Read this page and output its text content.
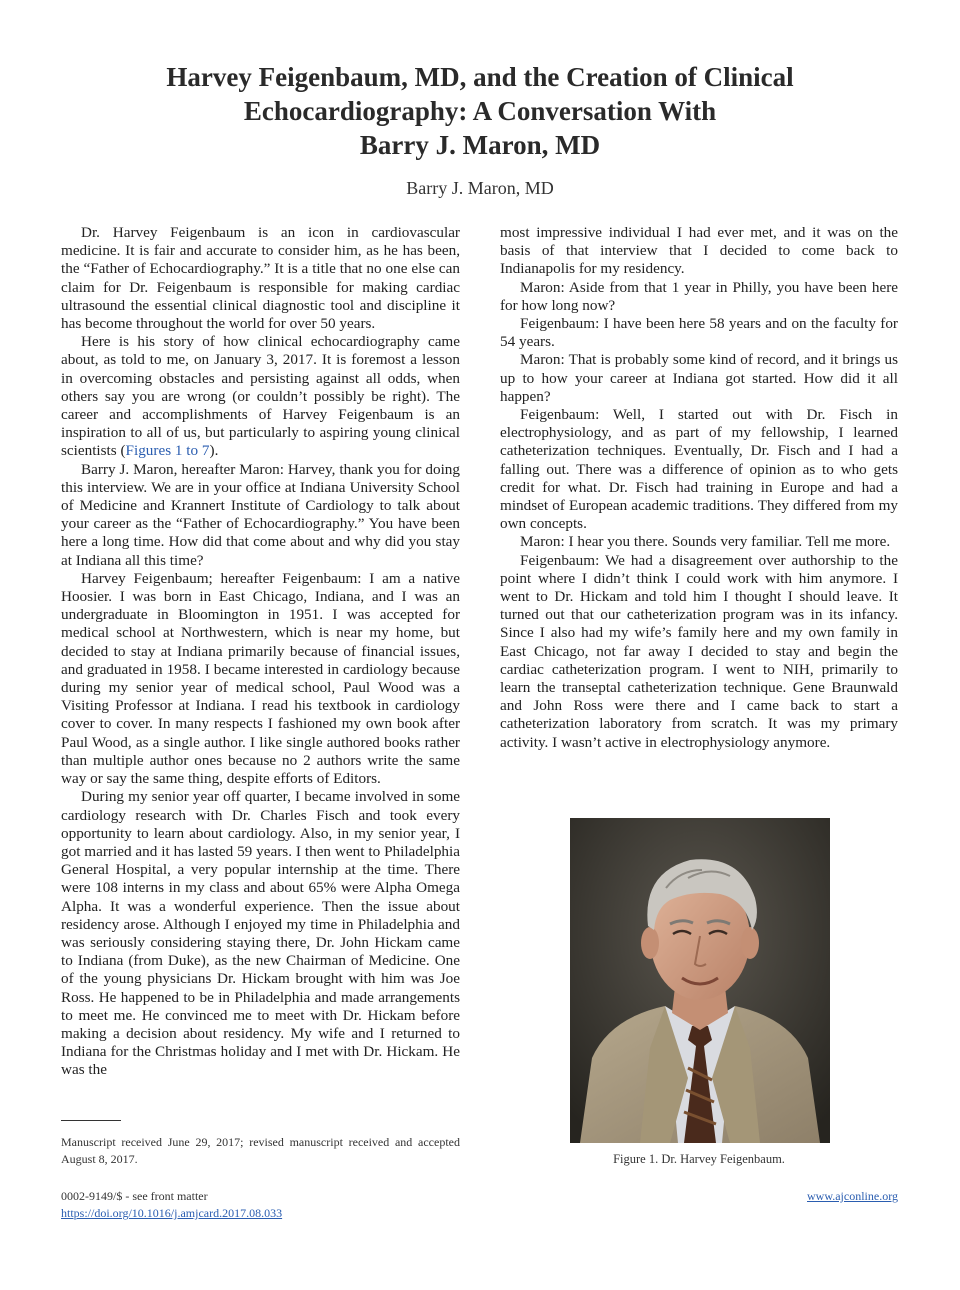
Harvey Feigenbaum, MD, and the Creation of Clinical
Echocardiography: A Conversation With
Barry J. Maron, MD
Barry J. Maron, MD

Dr. Harvey Feigenbaum is an icon in cardiovascular medicine. It is fair and accurate to consider him, as he has been, the “Father of Echocardiography.” It is a title that no one else can claim for Dr. Feigenbaum is responsible for making cardiac ultrasound the essential clinical diagnostic tool and discipline it has become throughout the world for over 50 years.

Here is his story of how clinical echocardiography came about, as told to me, on January 3, 2017. It is foremost a lesson in overcoming obstacles and persisting against all odds, when others say you are wrong (or couldn’t possibly be right). The career and accomplishments of Harvey Feigenbaum is an inspiration to all of us, but particularly to aspiring young clinical scientists (Figures 1 to 7).

Barry J. Maron, hereafter Maron: Harvey, thank you for doing this interview. We are in your office at Indiana University School of Medicine and Krannert Institute of Cardiology to talk about your career as the “Father of Echocardiography.” You have been here a long time. How did that come about and why did you stay at Indiana all this time?

Harvey Feigenbaum; hereafter Feigenbaum: I am a native Hoosier. I was born in East Chicago, Indiana, and I was an undergraduate in Bloomington in 1951. I was accepted for medical school at Northwestern, which is near my home, but decided to stay at Indiana primarily because of financial issues, and graduated in 1958. I became interested in cardiology because during my senior year of medical school, Paul Wood was a Visiting Professor at Indiana. I read his textbook in cardiology cover to cover. In many respects I fashioned my own book after Paul Wood, as a single author. I like single authored books rather than multiple author ones because no 2 authors write the same way or say the same thing, despite efforts of Editors.

During my senior year off quarter, I became involved in some cardiology research with Dr. Charles Fisch and took every opportunity to learn about cardiology. Also, in my senior year, I got married and it has lasted 59 years. I then went to Philadelphia General Hospital, a very popular internship at the time. There were 108 interns in my class and about 65% were Alpha Omega Alpha. It was a wonderful experience. Then the issue about residency arose. Although I enjoyed my time in Philadelphia and was seriously considering staying there, Dr. John Hickam came to Indiana (from Duke), as the new Chairman of Medicine. One of the young physicians Dr. Hickam brought with him was Joe Ross. He happened to be in Philadelphia and made arrangements to meet me. He convinced me to meet with Dr. Hickam before making a decision about residency. My wife and I returned to Indiana for the Christmas holiday and I met with Dr. Hickam. He was the

most impressive individual I had ever met, and it was on the basis of that interview that I decided to come back to Indianapolis for my residency.

Maron: Aside from that 1 year in Philly, you have been here for how long now?

Feigenbaum: I have been here 58 years and on the faculty for 54 years.

Maron: That is probably some kind of record, and it brings us up to how your career at Indiana got started. How did it all happen?

Feigenbaum: Well, I started out with Dr. Fisch in electrophysiology, and as part of my fellowship, I learned catheterization techniques. Eventually, Dr. Fisch and I had a falling out. There was a difference of opinion as to who gets credit for what. Dr. Fisch had training in Europe and had a mindset of European academic traditions. They differed from my own concepts.

Maron: I hear you there. Sounds very familiar. Tell me more.

Feigenbaum: We had a disagreement over authorship to the point where I didn’t think I could work with him anymore. I went to Dr. Hickam and told him I thought I should leave. It turned out that our catheterization program was in its infancy. Since I also had my wife’s family here and my own family in East Chicago, not far away I decided to stay and begin the cardiac catheterization program. I went to NIH, primarily to learn the transeptal catheterization technique. Gene Braunwald and John Ross were there and I came back to start a catheterization laboratory from scratch. It was my primary activity. I wasn’t active in electrophysiology anymore.

Figure 1. Dr. Harvey Feigenbaum.
Manuscript received June 29, 2017; revised manuscript received and accepted August 8, 2017.
0002-9149/$ - see front matter
https://doi.org/10.1016/j.amjcard.2017.08.033
www.ajconline.org
